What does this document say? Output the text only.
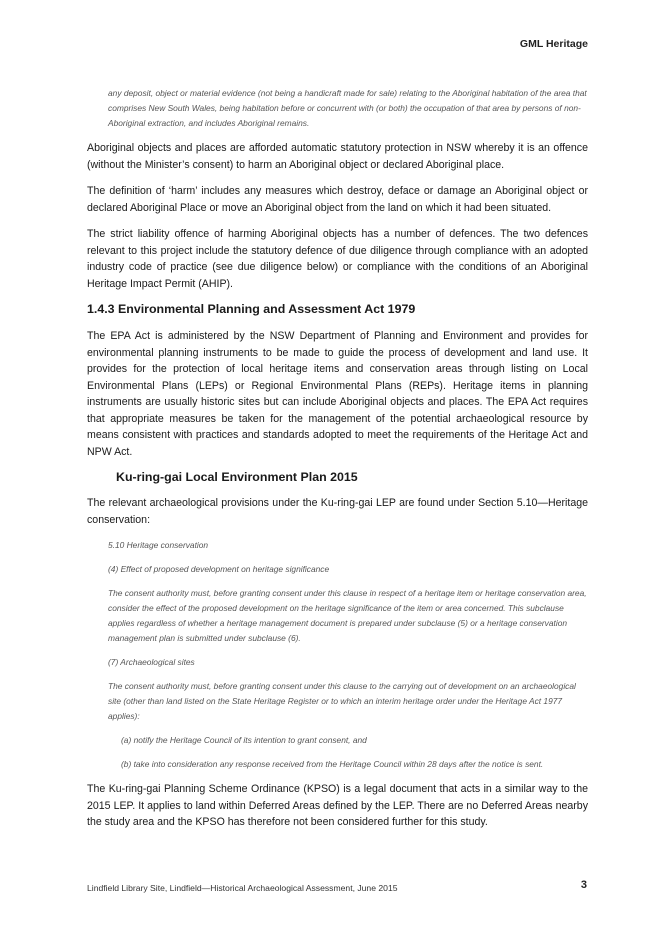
GML Heritage
any deposit, object or material evidence (not being a handicraft made for sale) relating to the Aboriginal habitation of the area that comprises New South Wales, being habitation before or concurrent with (or both) the occupation of that area by persons of non-Aboriginal extraction, and includes Aboriginal remains.

Aboriginal objects and places are afforded automatic statutory protection in NSW whereby it is an offence (without the Minister’s consent) to harm an Aboriginal object or declared Aboriginal place.

The definition of ‘harm’ includes any measures which destroy, deface or damage an Aboriginal object or declared Aboriginal Place or move an Aboriginal object from the land on which it had been situated.

The strict liability offence of harming Aboriginal objects has a number of defences. The two defences relevant to this project include the statutory defence of due diligence through compliance with an adopted industry code of practice (see due diligence below) or compliance with the conditions of an Aboriginal Heritage Impact Permit (AHIP).

1.4.3 Environmental Planning and Assessment Act 1979

The EPA Act is administered by the NSW Department of Planning and Environment and provides for environmental planning instruments to be made to guide the process of development and land use. It provides for the protection of local heritage items and conservation areas through listing on Local Environmental Plans (LEPs) or Regional Environmental Plans (REPs). Heritage items in planning instruments are usually historic sites but can include Aboriginal objects and places. The EPA Act requires that appropriate measures be taken for the management of the potential archaeological resource by means consistent with practices and standards adopted to meet the requirements of the Heritage Act and NPW Act.

Ku-ring-gai Local Environment Plan 2015

The relevant archaeological provisions under the Ku-ring-gai LEP are found under Section 5.10—Heritage conservation:

5.10 Heritage conservation
(4) Effect of proposed development on heritage significance
The consent authority must, before granting consent under this clause in respect of a heritage item or heritage conservation area, consider the effect of the proposed development on the heritage significance of the item or area concerned. This subclause applies regardless of whether a heritage management document is prepared under subclause (5) or a heritage conservation management plan is submitted under subclause (6).
(7) Archaeological sites
The consent authority must, before granting consent under this clause to the carrying out of development on an archaeological site (other than land listed on the State Heritage Register or to which an interim heritage order under the Heritage Act 1977 applies):
(a) notify the Heritage Council of its intention to grant consent, and
(b) take into consideration any response received from the Heritage Council within 28 days after the notice is sent.

The Ku-ring-gai Planning Scheme Ordinance (KPSO) is a legal document that acts in a similar way to the 2015 LEP. It applies to land within Deferred Areas defined by the LEP. There are no Deferred Areas nearby the study area and the KPSO has therefore not been considered further for this study.

Lindfield Library Site, Lindfield—Historical Archaeological Assessment, June 2015	3
